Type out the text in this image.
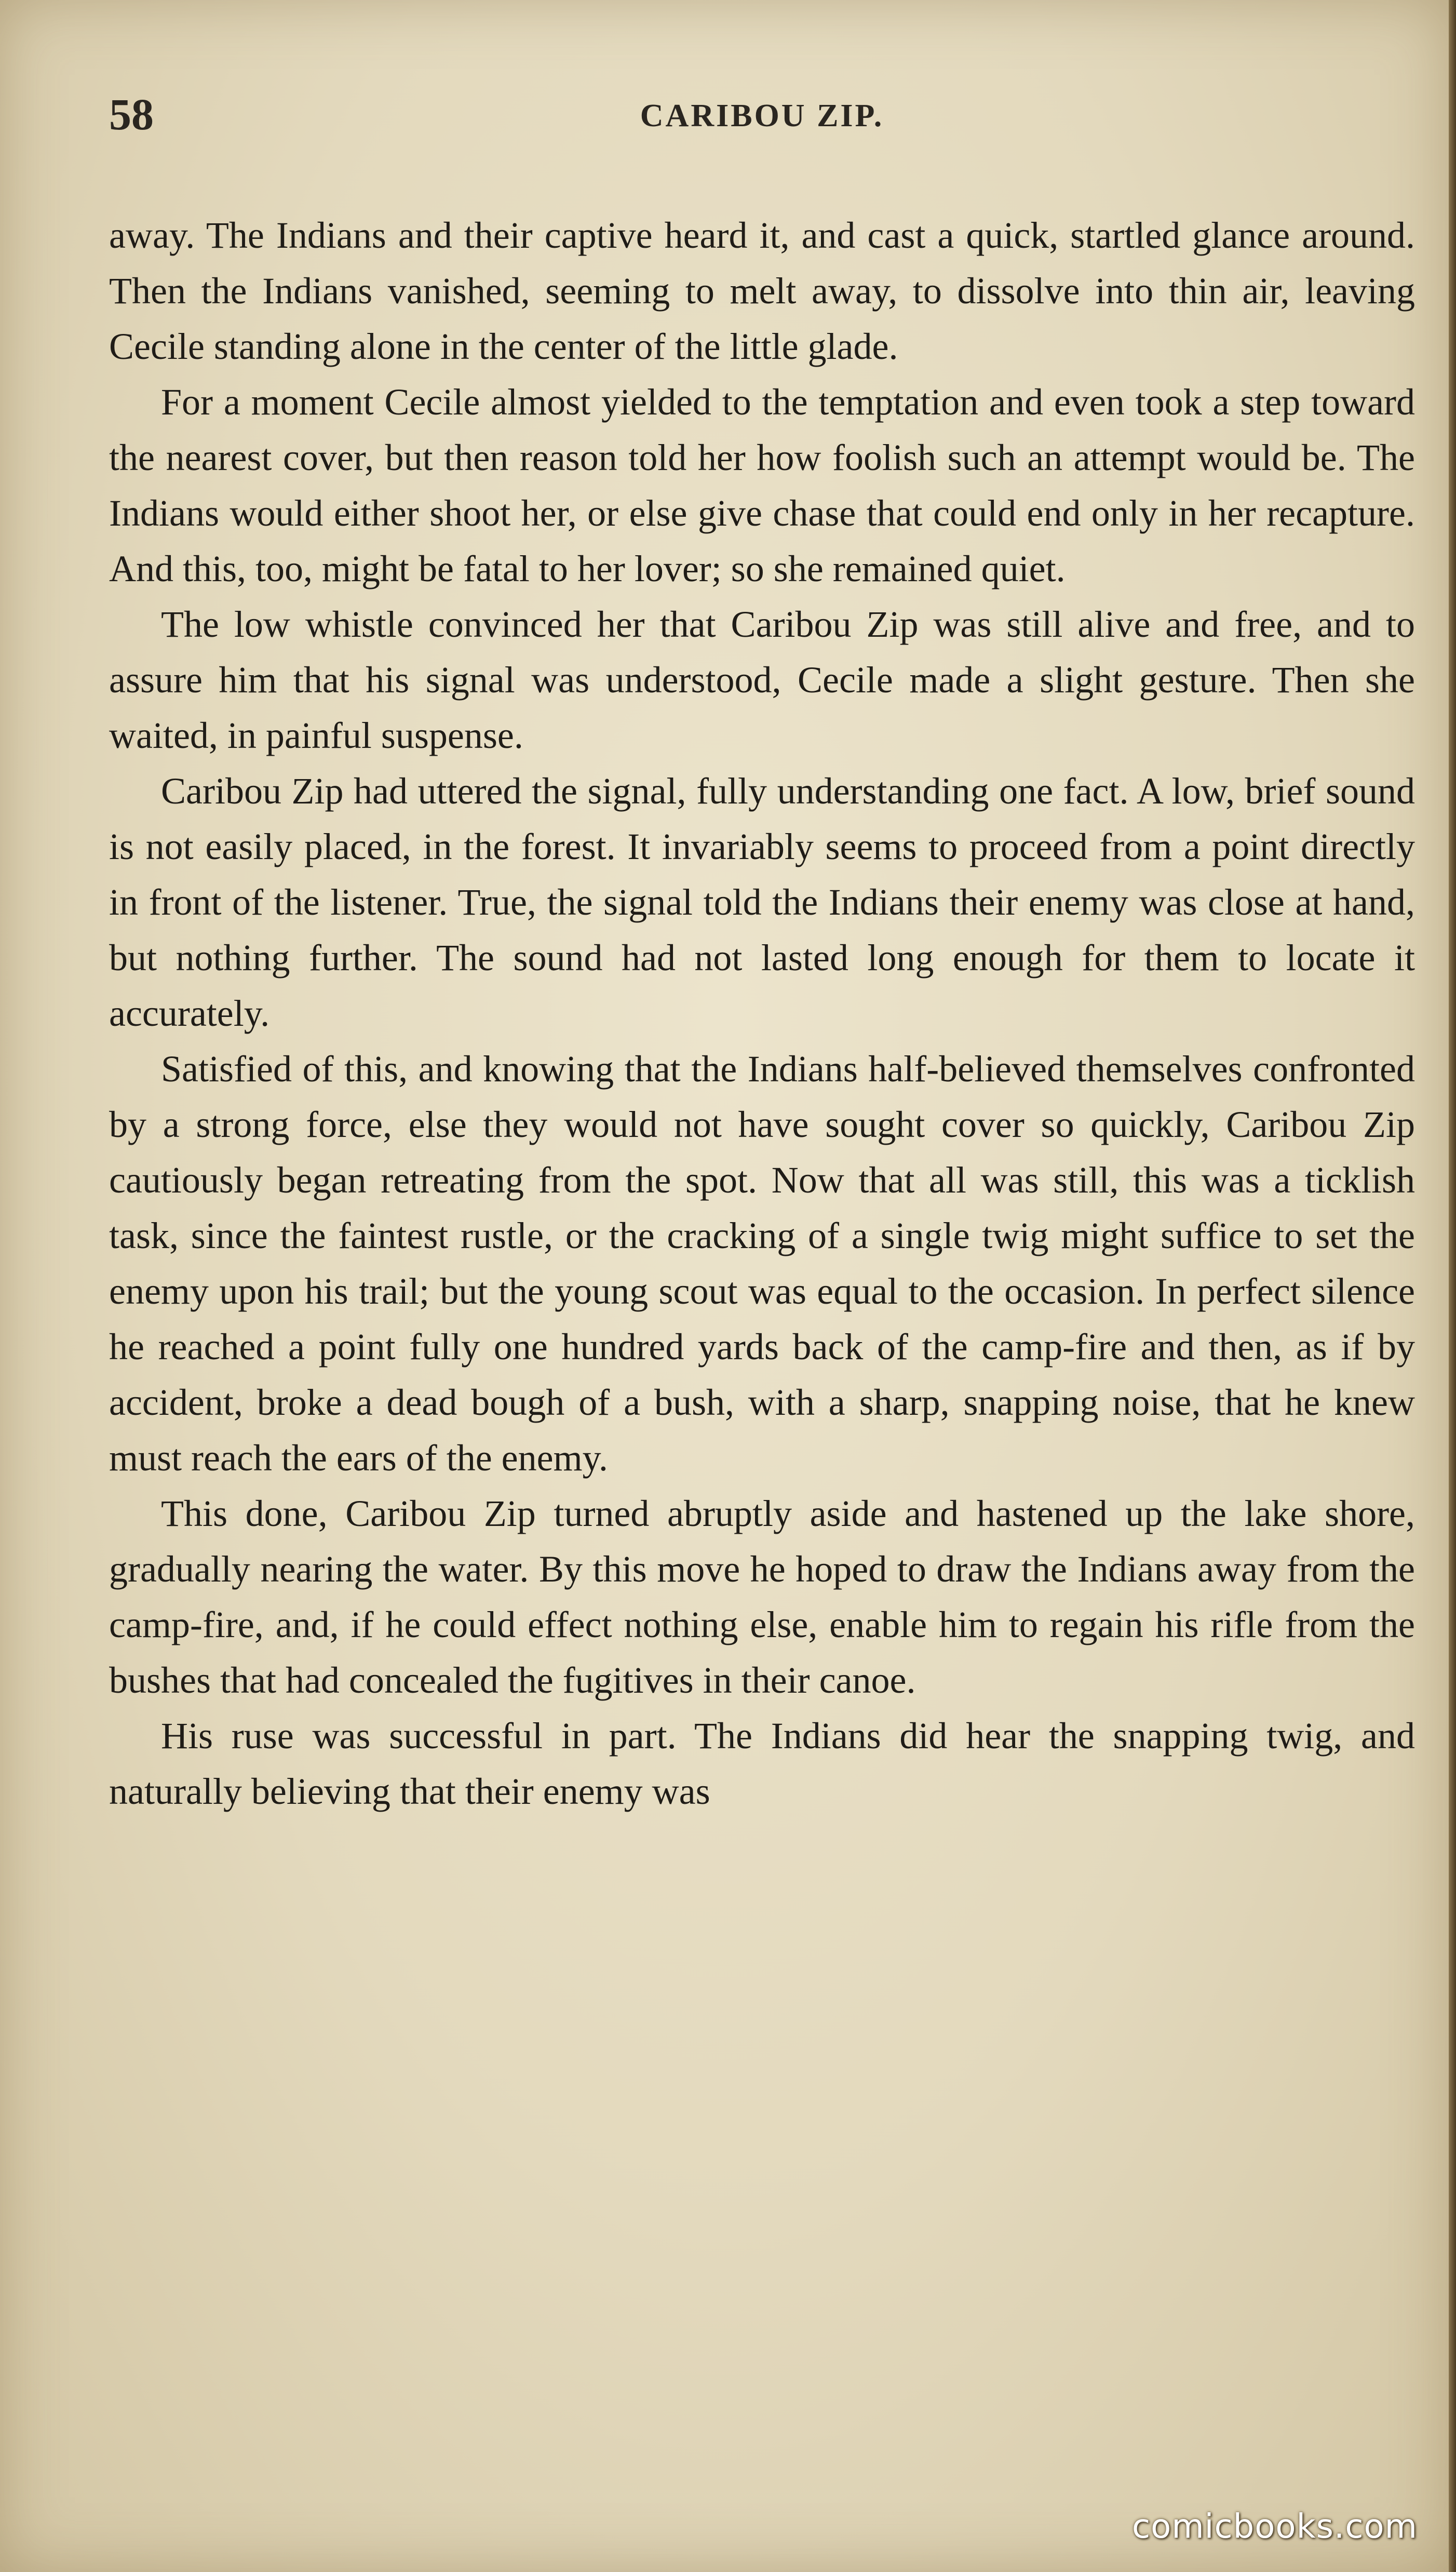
58	CARIBOU ZIP.

away. The Indians and their captive heard it, and cast a quick, startled glance around. Then the Indians vanished, seeming to melt away, to dissolve into thin air, leaving Cecile standing alone in the center of the little glade.

For a moment Cecile almost yielded to the temptation and even took a step toward the nearest cover, but then reason told her how foolish such an attempt would be. The Indians would either shoot her, or else give chase that could end only in her recapture. And this, too, might be fatal to her lover; so she remained quiet.

The low whistle convinced her that Caribou Zip was still alive and free, and to assure him that his signal was understood, Cecile made a slight gesture. Then she waited, in painful suspense.

Caribou Zip had uttered the signal, fully understanding one fact. A low, brief sound is not easily placed, in the forest. It invariably seems to proceed from a point directly in front of the listener. True, the signal told the Indians their enemy was close at hand, but nothing further. The sound had not lasted long enough for them to locate it accurately.

Satisfied of this, and knowing that the Indians half-believed themselves confronted by a strong force, else they would not have sought cover so quickly, Caribou Zip cautiously began retreating from the spot. Now that all was still, this was a ticklish task, since the faintest rustle, or the cracking of a single twig might suffice to set the enemy upon his trail; but the young scout was equal to the occasion. In perfect silence he reached a point fully one hundred yards back of the camp-fire and then, as if by accident, broke a dead bough of a bush, with a sharp, snapping noise, that he knew must reach the ears of the enemy.

This done, Caribou Zip turned abruptly aside and hastened up the lake shore, gradually nearing the water. By this move he hoped to draw the Indians away from the camp-fire, and, if he could effect nothing else, enable him to regain his rifle from the bushes that had concealed the fugitives in their canoe.

His ruse was successful in part. The Indians did hear the snapping twig, and naturally believing that their enemy was

comicbooks.com
